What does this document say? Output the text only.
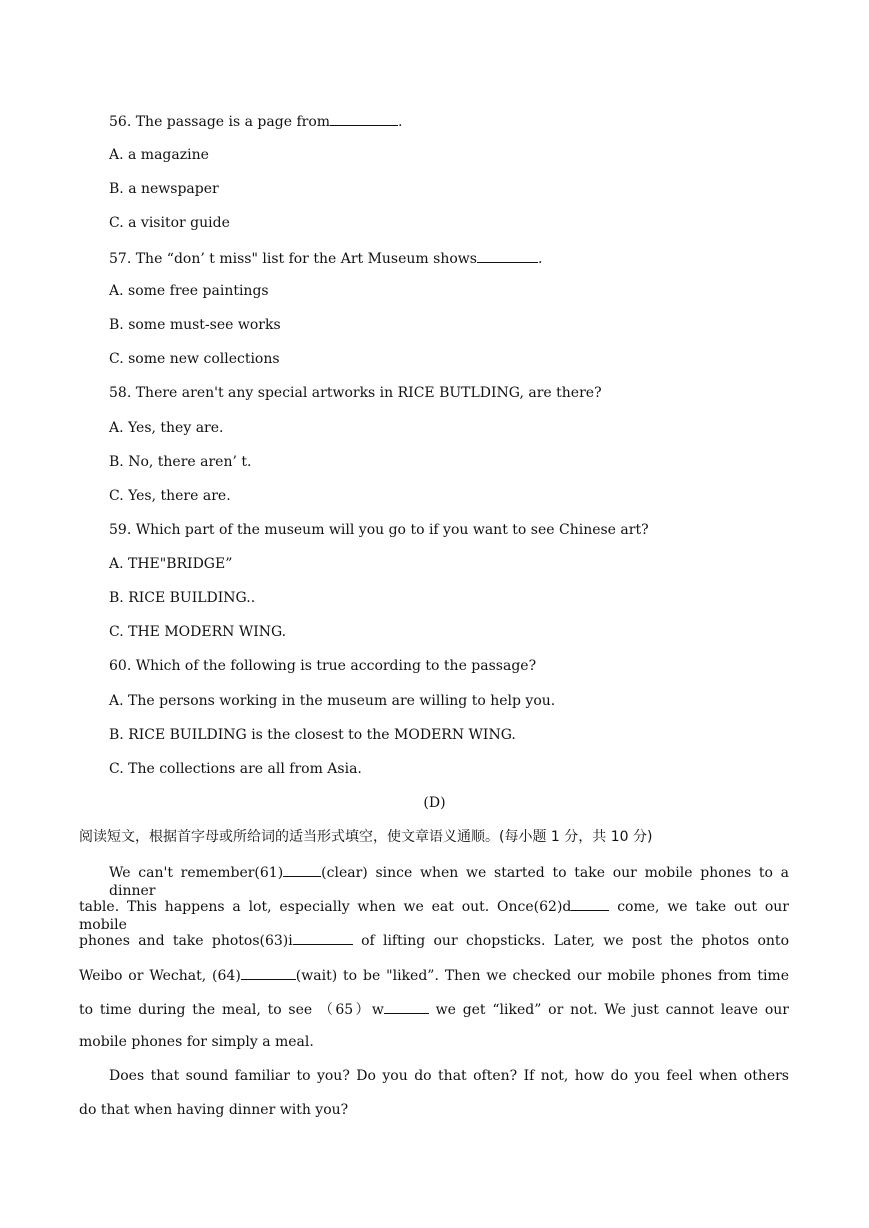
56. The passage is a page from	.
A. a magazine
B. a newspaper
C. a visitor guide
57. The “don’ t miss" list for the Art Museum shows	.
A. some free paintings
B. some must-see works
C. some new collections
58. There aren't any special artworks in RICE BUTLDING, are there?
A. Yes, they are.
B. No, there aren’ t.
C. Yes, there are.
59. Which part of the museum will you go to if you want to see Chinese art?
A. THE"BRIDGE”
B. RICE BUILDING..
C. THE MODERN WING.
60. Which of the following is true according to the passage?
A. The persons working in the museum are willing to help you.
B. RICE BUILDING is the closest to the MODERN WING.
C. The collections are all from Asia.
(D)
阅读短文，根据首字母或所给词的适当形式填空，使文章语义通顺。(每小题 1 分，共 10 分)
We can't remember(61)	(clear) since when we started to take our mobile phones to a dinner
table. This happens a lot, especially when we eat out. Once(62)d	come, we take out our mobile
phones and take photos(63)i	of lifting our chopsticks. Later, we post the photos onto
Weibo or Wechat, (64)	(wait) to be "liked”. Then we checked our mobile phones from time
to time during the meal, to see （65）w	we get “liked” or not. We just cannot leave our
mobile phones for simply a meal.
Does that sound familiar to you? Do you do that often? If not, how do you feel when others
do that when having dinner with you?
